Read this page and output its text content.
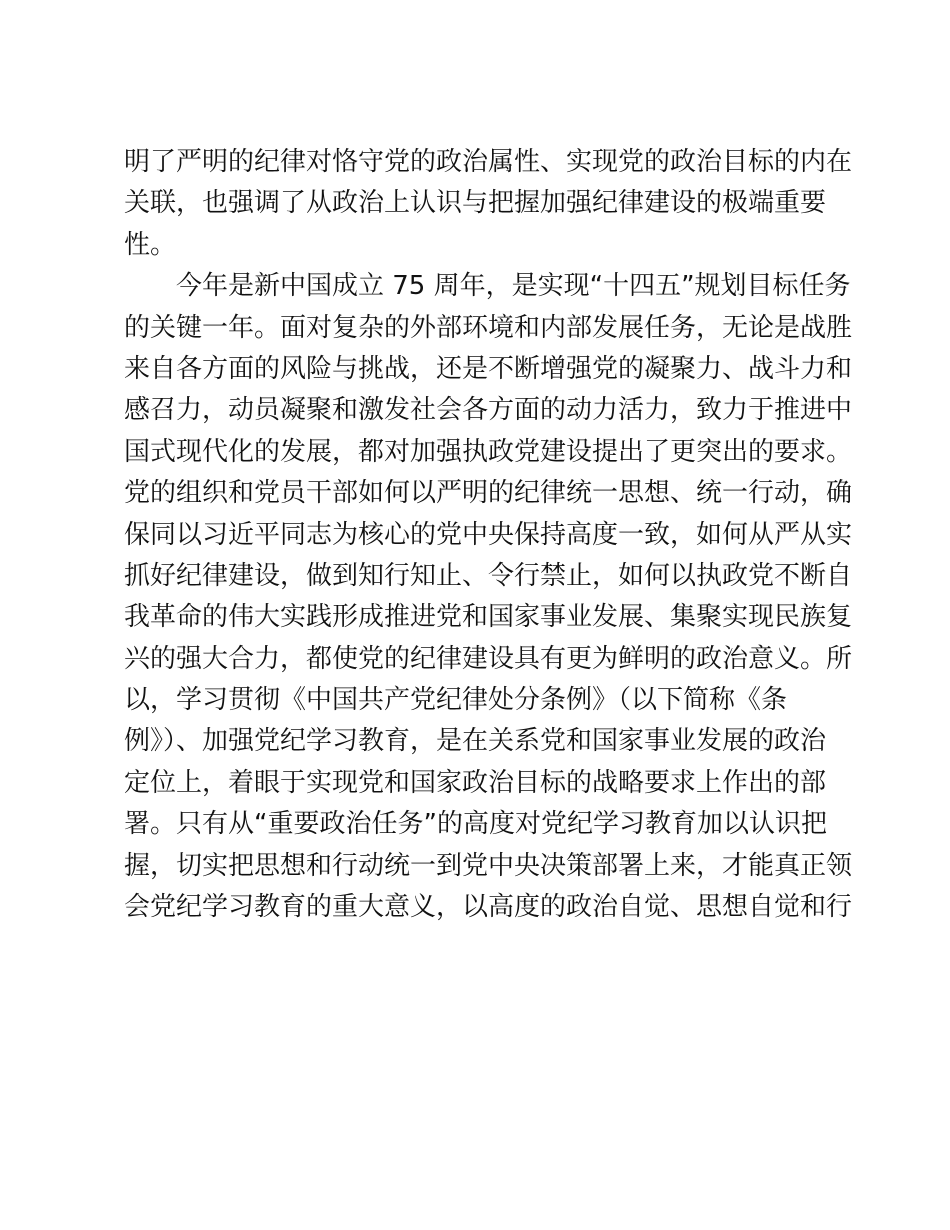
明了严明的纪律对恪守党的政治属性、实现党的政治目标的内在
关联，也强调了从政治上认识与把握加强纪律建设的极端重要
性。
今年是新中国成立 75 周年，是实现“十四五”规划目标任务
的关键一年。面对复杂的外部环境和内部发展任务，无论是战胜
来自各方面的风险与挑战，还是不断增强党的凝聚力、战斗力和
感召力，动员凝聚和激发社会各方面的动力活力，致力于推进中
国式现代化的发展，都对加强执政党建设提出了更突出的要求。
党的组织和党员干部如何以严明的纪律统一思想、统一行动，确
保同以习近平同志为核心的党中央保持高度一致，如何从严从实
抓好纪律建设，做到知行知止、令行禁止，如何以执政党不断自
我革命的伟大实践形成推进党和国家事业发展、集聚实现民族复
兴的强大合力，都使党的纪律建设具有更为鲜明的政治意义。所
以，学习贯彻《中国共产党纪律处分条例》（以下简称《条
例》）、加强党纪学习教育，是在关系党和国家事业发展的政治
定位上，着眼于实现党和国家政治目标的战略要求上作出的部
署。只有从“重要政治任务”的高度对党纪学习教育加以认识把
握，切实把思想和行动统一到党中央决策部署上来，才能真正领
会党纪学习教育的重大意义，以高度的政治自觉、思想自觉和行
